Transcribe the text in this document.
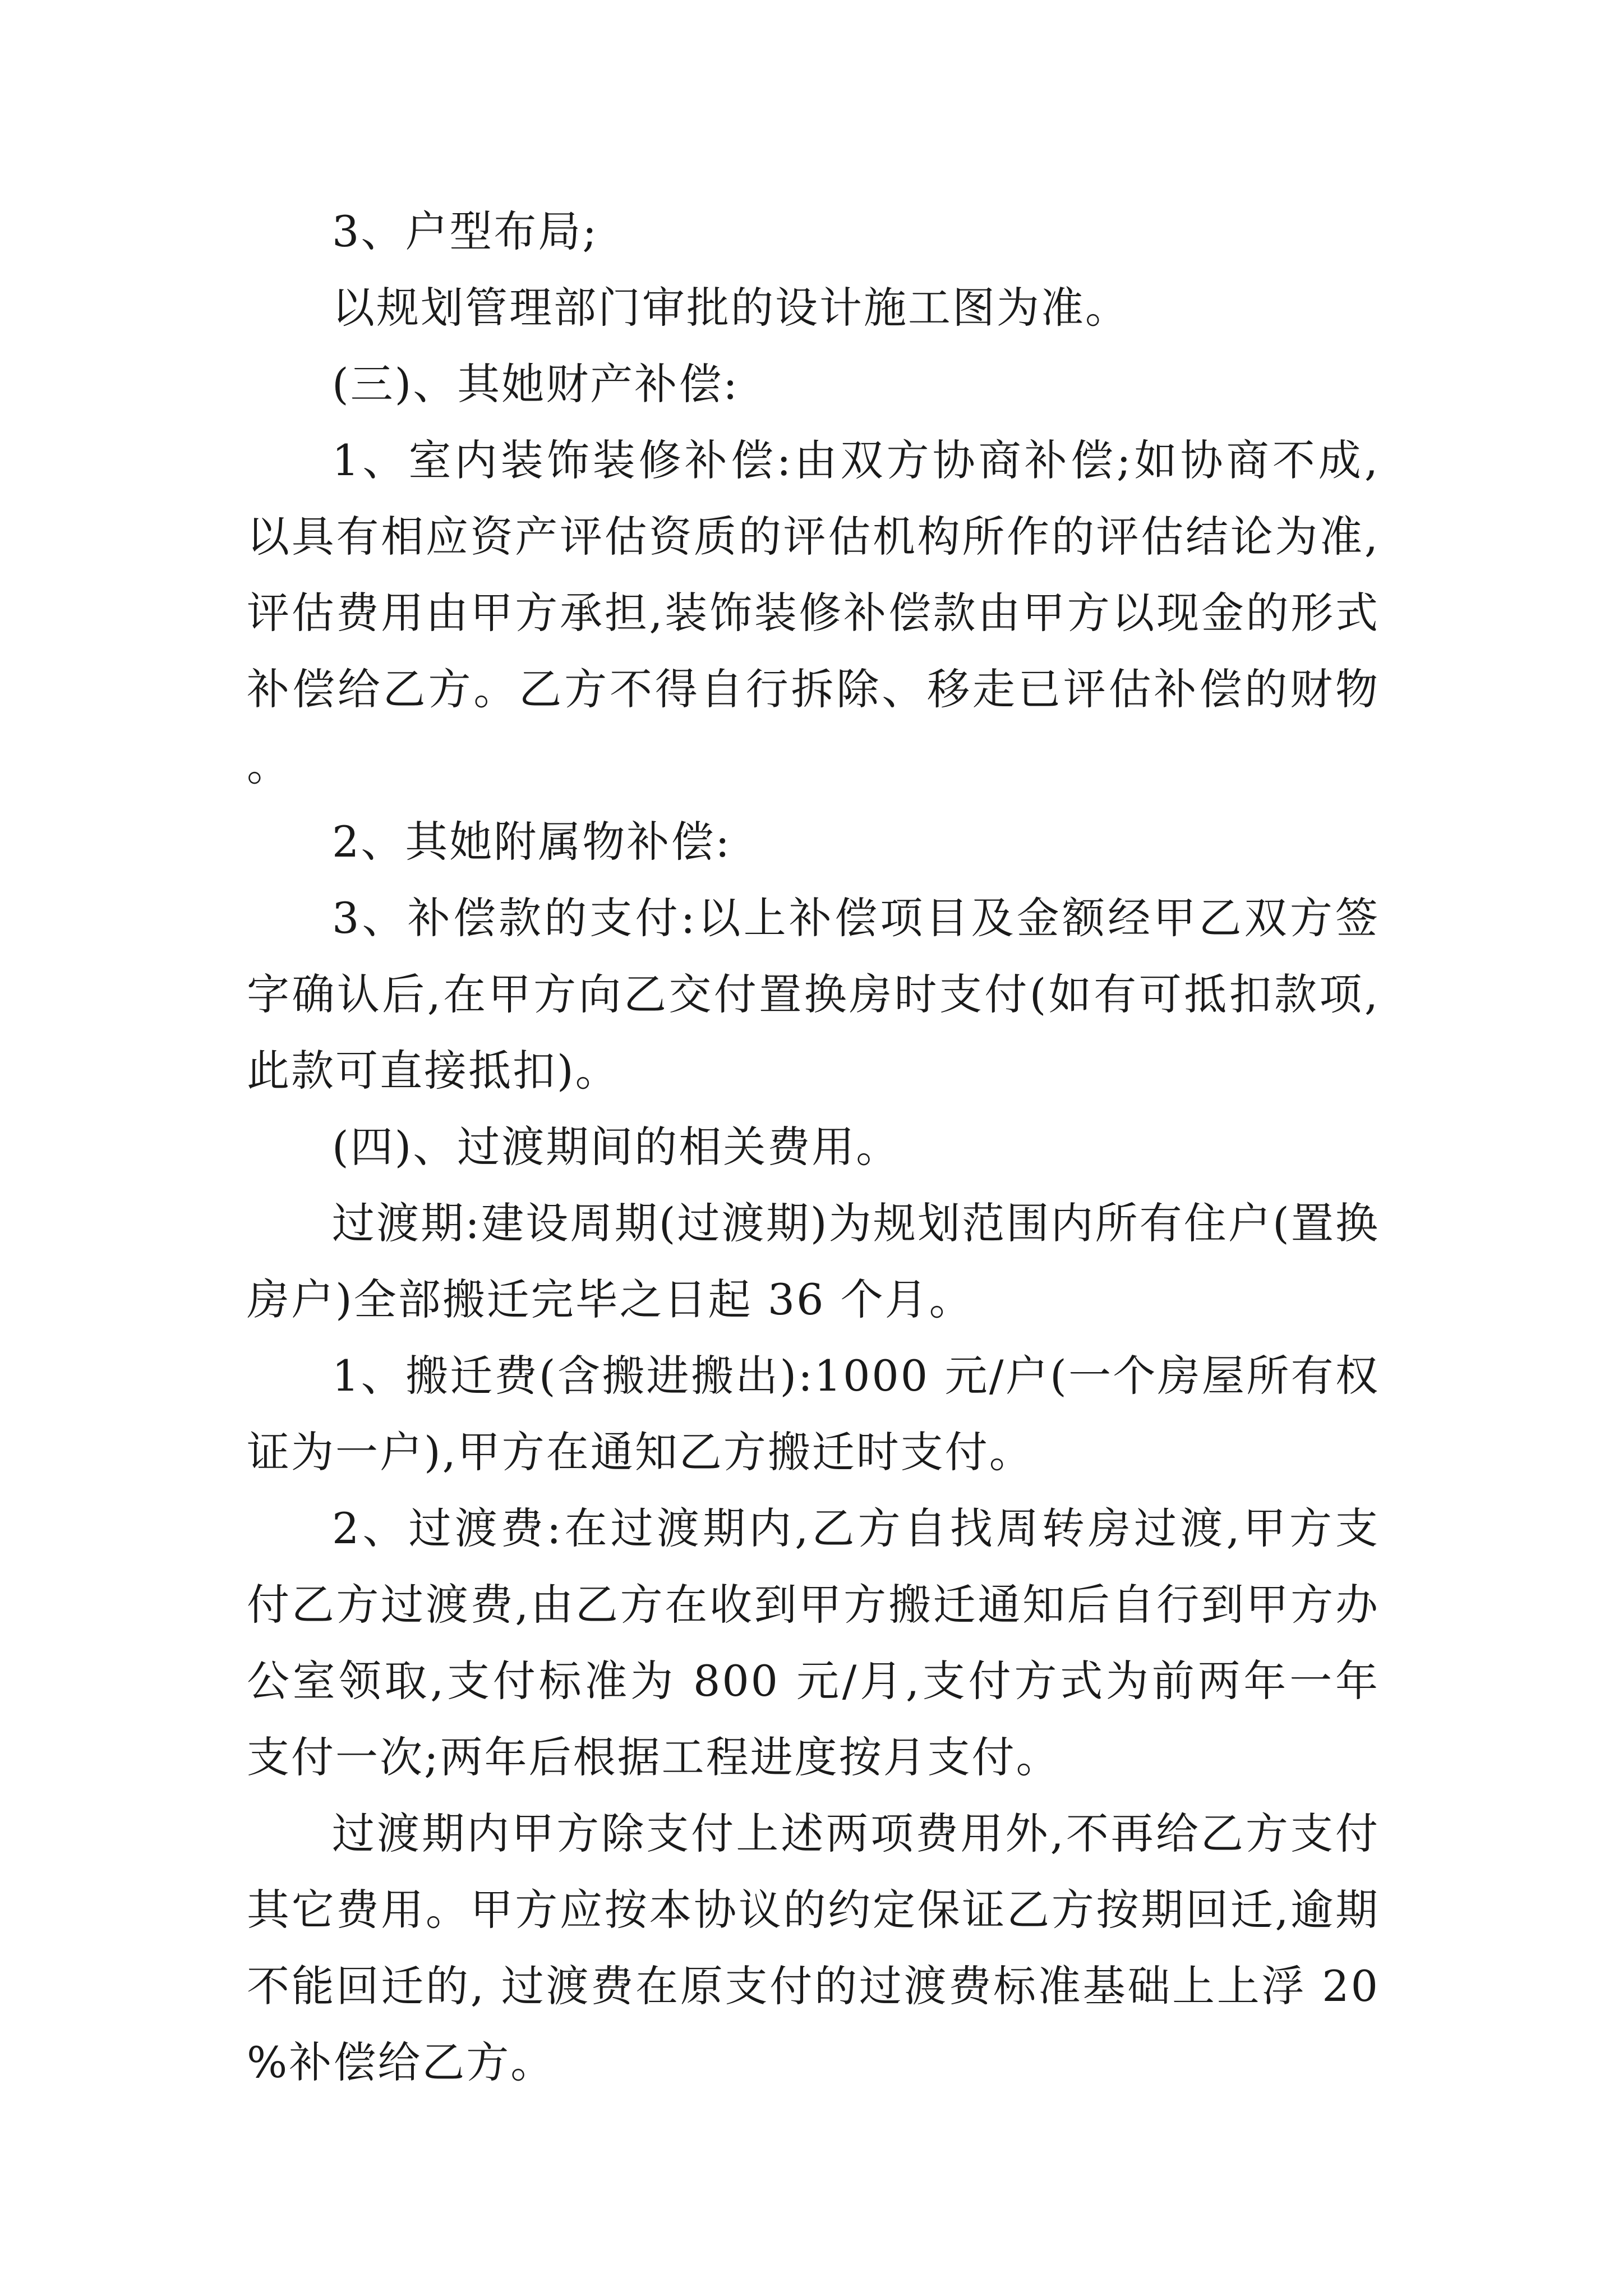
3、户型布局;

以规划管理部门审批的设计施工图为准。

(三)、其她财产补偿:

1、室内装饰装修补偿:由双方协商补偿;如协商不成,以具有相应资产评估资质的评估机构所作的评估结论为准,评估费用由甲方承担,装饰装修补偿款由甲方以现金的形式补偿给乙方。乙方不得自行拆除、移走已评估补偿的财物。

2、其她附属物补偿:

3、补偿款的支付:以上补偿项目及金额经甲乙双方签字确认后,在甲方向乙交付置换房时支付(如有可抵扣款项,此款可直接抵扣)。

(四)、过渡期间的相关费用。

过渡期:建设周期(过渡期)为规划范围内所有住户(置换房户)全部搬迁完毕之日起 36 个月。

1、搬迁费(含搬进搬出):1000 元/户(一个房屋所有权证为一户),甲方在通知乙方搬迁时支付。

2、过渡费:在过渡期内,乙方自找周转房过渡,甲方支付乙方过渡费,由乙方在收到甲方搬迁通知后自行到甲方办公室领取,支付标准为 800 元/月,支付方式为前两年一年支付一次;两年后根据工程进度按月支付。

过渡期内甲方除支付上述两项费用外,不再给乙方支付其它费用。甲方应按本协议的约定保证乙方按期回迁,逾期不能回迁的, 过渡费在原支付的过渡费标准基础上上浮 20%补偿给乙方。
